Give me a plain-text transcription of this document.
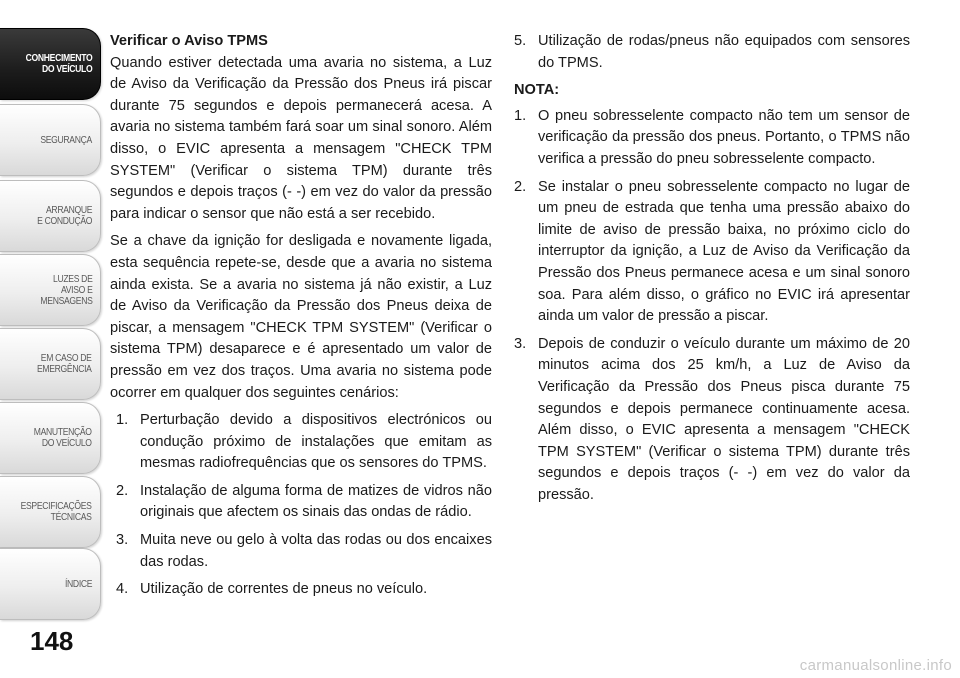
CONHECIMENTO
DO VEÍCULO
SEGURANÇA
ARRANQUE
E CONDUÇÃO
LUZES DE
AVISO E
MENSAGENS
EM CASO DE
EMERGÊNCIA
MANUTENÇÃO
DO VEÍCULO
ESPECIFICAÇÕES
TÉCNICAS
ÍNDICE
148
Verificar o Aviso TPMS

Quando estiver detectada uma avaria no sistema, a Luz de Aviso da Verificação da Pressão dos Pneus irá piscar durante 75 segundos e depois permanecerá acesa. A avaria no sistema também fará soar um sinal sonoro. Além disso, o EVIC apresenta a mensagem "CHECK TPM SYSTEM" (Verificar o sistema TPM) durante três segundos e depois traços (- -) em vez do valor da pressão para indicar o sensor que não está a ser recebido.

Se a chave da ignição for desligada e novamente ligada, esta sequência repete-se, desde que a avaria no sistema ainda exista. Se a avaria no sistema já não existir, a Luz de Aviso da Verificação da Pressão dos Pneus deixa de piscar, a mensagem "CHECK TPM SYSTEM" (Verificar o sistema TPM) desaparece e é apresentado um valor de pressão em vez dos traços. Uma avaria no sistema pode ocorrer em qualquer dos seguintes cenários:

1. Perturbação devido a dispositivos electrónicos ou condução próximo de instalações que emitam as mesmas radiofrequências que os sensores do TPMS.
2. Instalação de alguma forma de matizes de vidros não originais que afectem os sinais das ondas de rádio.
3. Muita neve ou gelo à volta das rodas ou dos encaixes das rodas.
4. Utilização de correntes de pneus no veículo.
5. Utilização de rodas/pneus não equipados com sensores do TPMS.
NOTA:
1. O pneu sobresselente compacto não tem um sensor de verificação da pressão dos pneus. Portanto, o TPMS não verifica a pressão do pneu sobresselente compacto.
2. Se instalar o pneu sobresselente compacto no lugar de um pneu de estrada que tenha uma pressão abaixo do limite de aviso de pressão baixa, no próximo ciclo do interruptor da ignição, a Luz de Aviso da Verificação da Pressão dos Pneus permanece acesa e um sinal sonoro soa. Para além disso, o gráfico no EVIC irá apresentar ainda um valor de pressão a piscar.
3. Depois de conduzir o veículo durante um máximo de 20 minutos acima dos 25 km/h, a Luz de Aviso da Verificação da Pressão dos Pneus pisca durante 75 segundos e depois permanece continuamente acesa. Além disso, o EVIC apresenta a mensagem "CHECK TPM SYSTEM" (Verificar o sistema TPM) durante três segundos e depois traços (- -) em vez do valor da pressão.
carmanualsonline.info
